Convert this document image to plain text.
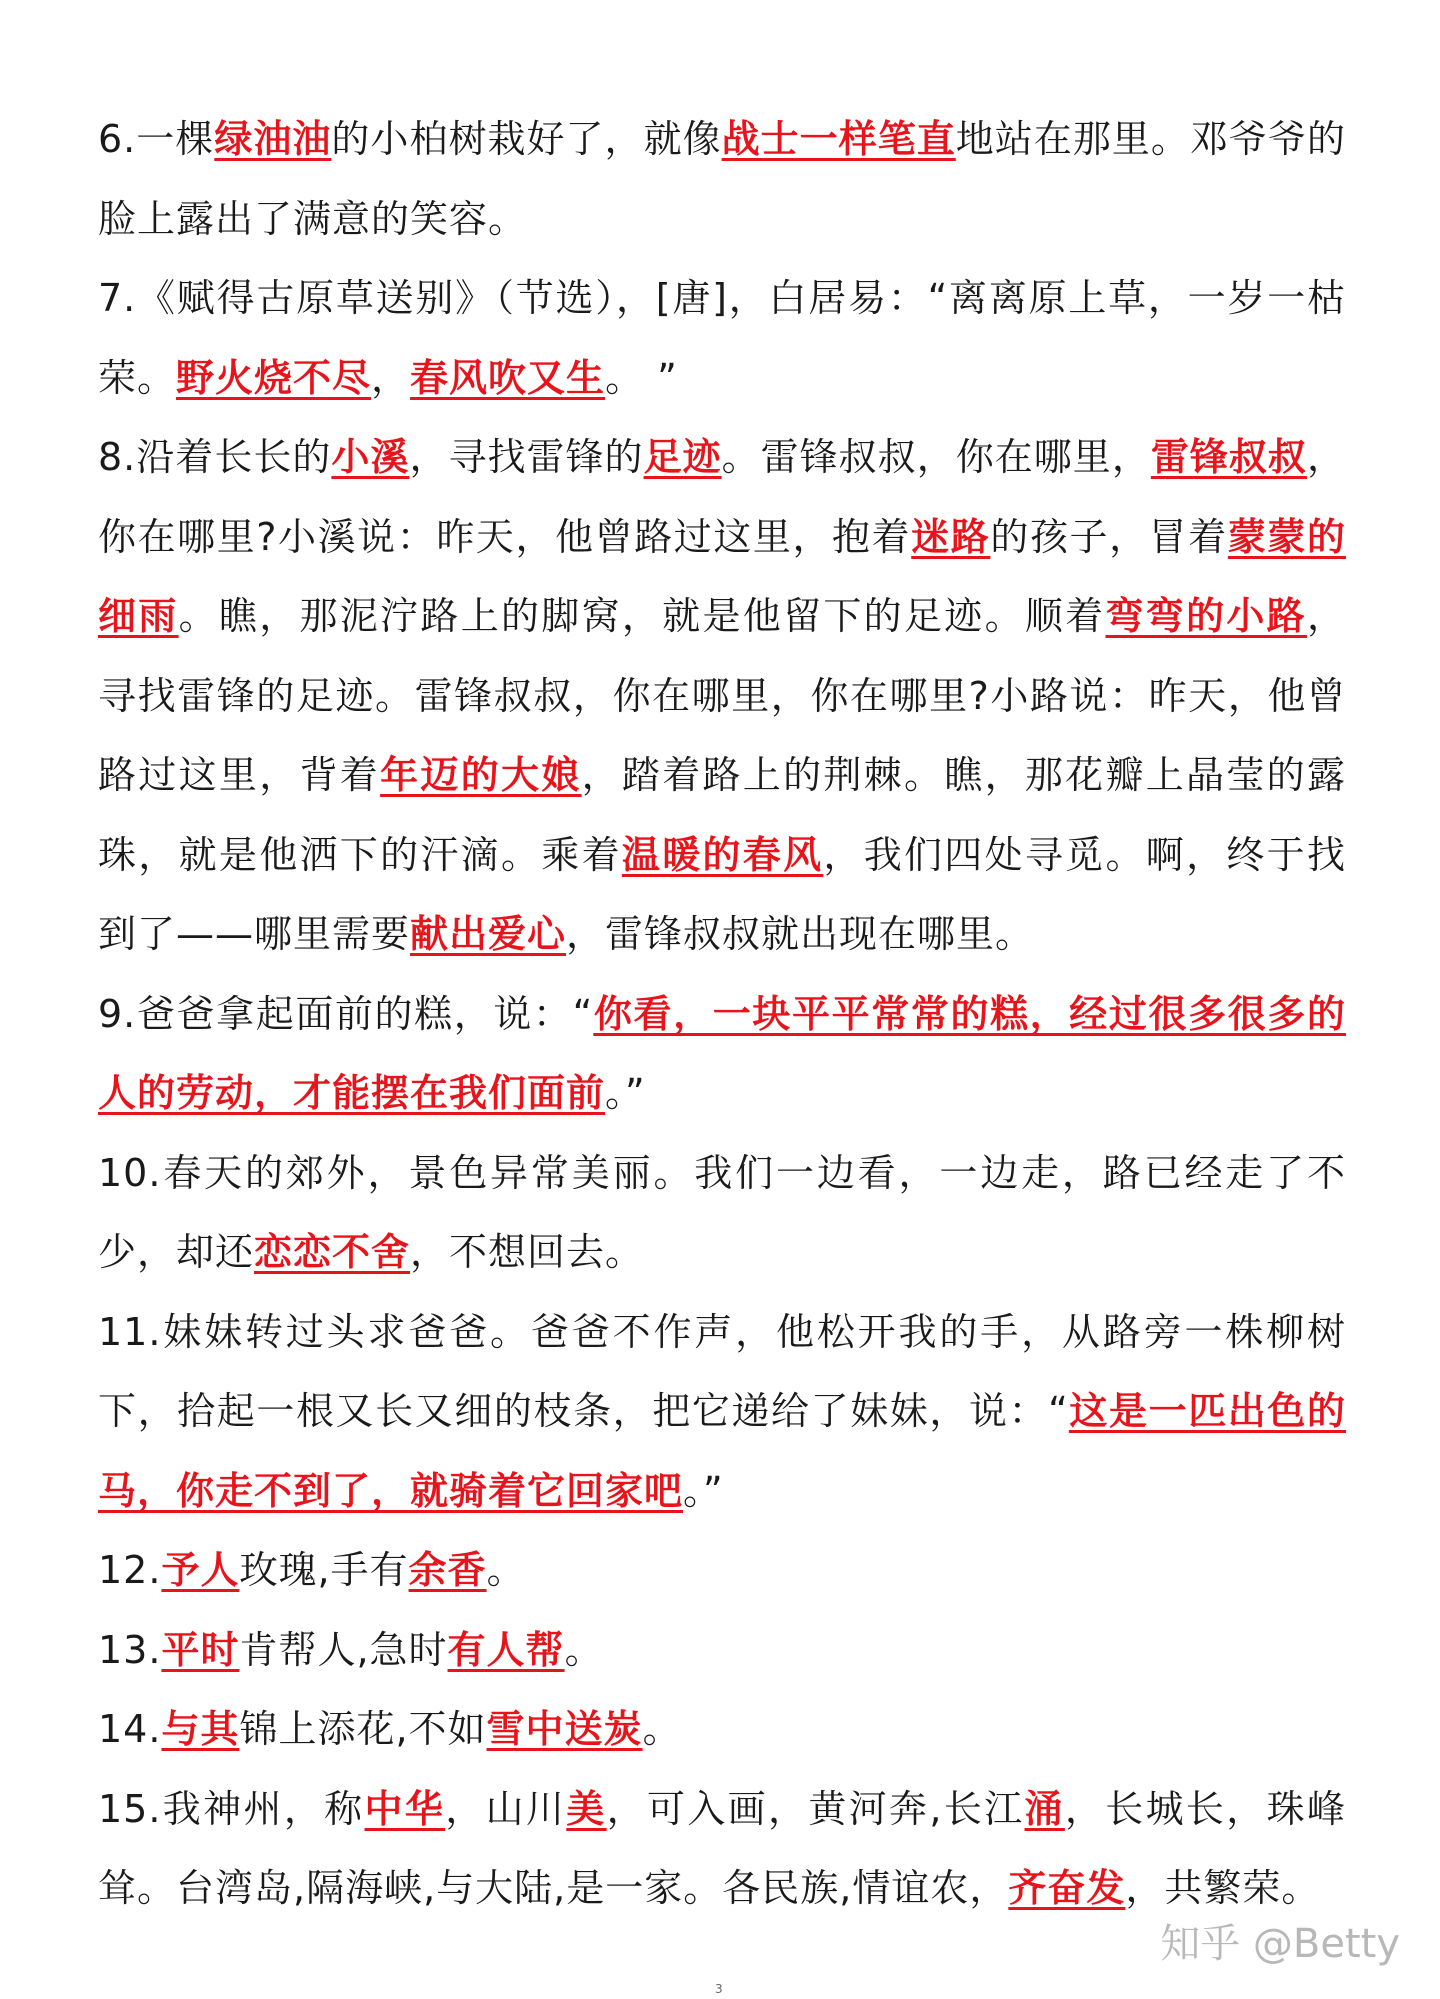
6.一棵绿油油的小柏树栽好了，就像战士一样笔直地站在那里。邓爷爷的脸上露出了满意的笑容。

7.《赋得古原草送别》（节选），[唐]，白居易：“离离原上草，一岁一枯荣。野火烧不尽，春风吹又生。 ”

8.沿着长长的小溪，寻找雷锋的足迹。雷锋叔叔，你在哪里，雷锋叔叔，你在哪里?小溪说：昨天，他曾路过这里，抱着迷路的孩子，冒着蒙蒙的细雨。瞧，那泥泞路上的脚窝，就是他留下的足迹。顺着弯弯的小路，寻找雷锋的足迹。雷锋叔叔，你在哪里，你在哪里?小路说：昨天，他曾路过这里，背着年迈的大娘，踏着路上的荆棘。瞧，那花瓣上晶莹的露珠，就是他洒下的汗滴。乘着温暖的春风，我们四处寻觅。啊，终于找到了——哪里需要献出爱心，雷锋叔叔就出现在哪里。

9.爸爸拿起面前的糕，说：“你看，一块平平常常的糕，经过很多很多的人的劳动，才能摆在我们面前。”

10.春天的郊外，景色异常美丽。我们一边看，一边走，路已经走了不少，却还恋恋不舍，不想回去。

11.妹妹转过头求爸爸。爸爸不作声，他松开我的手，从路旁一株柳树下，拾起一根又长又细的枝条，把它递给了妹妹，说：“这是一匹出色的马，你走不到了，就骑着它回家吧。”

12.予人玫瑰,手有余香。

13.平时肯帮人,急时有人帮。

14.与其锦上添花,不如雪中送炭。

15.我神州，称中华，山川美，可入画，黄河奔,长江涌，长城长，珠峰耸。台湾岛,隔海峡,与大陆,是一家。各民族,情谊农，齐奋发，共繁荣。

知乎 @Betty
3
